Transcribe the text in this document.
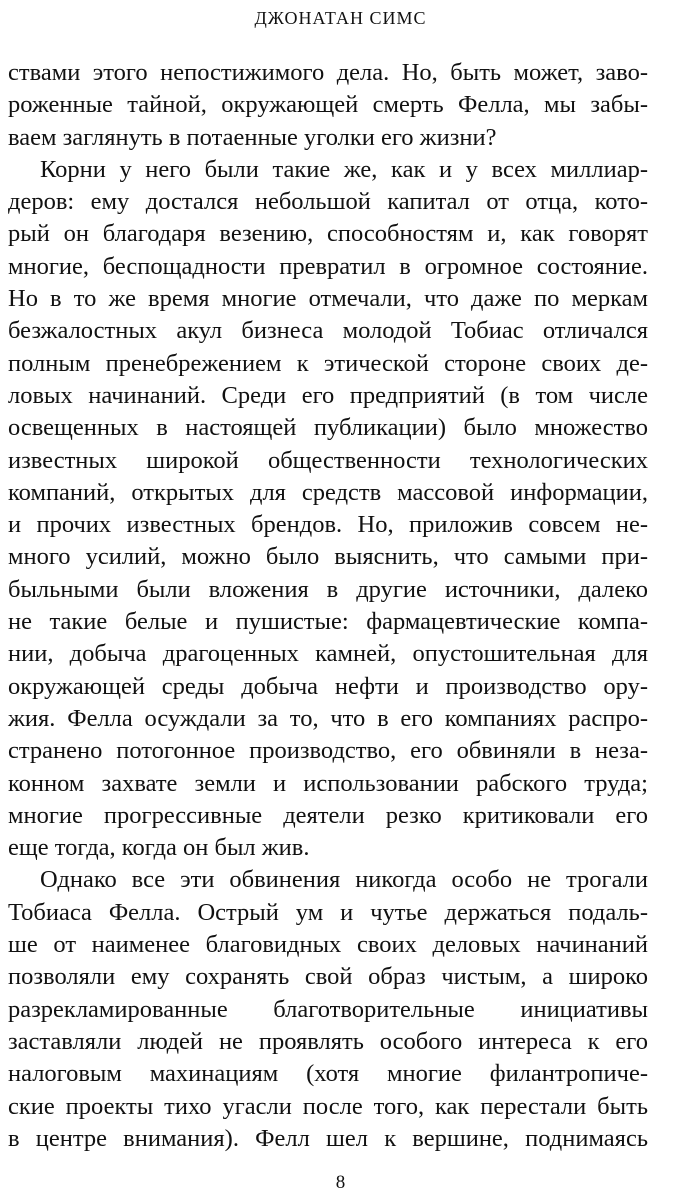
ДЖОНАТАН СИМС
ствами этого непостижимого дела. Но, быть может, заво-
роженные тайной, окружающей смерть Фелла, мы забы-
ваем заглянуть в потаенные уголки его жизни?
Корни у него были такие же, как и у всех миллиар-
деров: ему достался небольшой капитал от отца, кото-
рый он благодаря везению, способностям и, как говорят
многие, беспощадности превратил в огромное состояние.
Но в то же время многие отмечали, что даже по меркам
безжалостных акул бизнеса молодой Тобиас отличался
полным пренебрежением к этической стороне своих де-
ловых начинаний. Среди его предприятий (в том числе
освещенных в настоящей публикации) было множество
известных широкой общественности технологических
компаний, открытых для средств массовой информации,
и прочих известных брендов. Но, приложив совсем не-
много усилий, можно было выяснить, что самыми при-
быльными были вложения в другие источники, далеко
не такие белые и пушистые: фармацевтические компа-
нии, добыча драгоценных камней, опустошительная для
окружающей среды добыча нефти и производство ору-
жия. Фелла осуждали за то, что в его компаниях распро-
странено потогонное производство, его обвиняли в неза-
конном захвате земли и использовании рабского труда;
многие прогрессивные деятели резко критиковали его
еще тогда, когда он был жив.
Однако все эти обвинения никогда особо не трогали
Тобиаса Фелла. Острый ум и чутье держаться подаль-
ше от наименее благовидных своих деловых начинаний
позволяли ему сохранять свой образ чистым, а широко
разрекламированные благотворительные инициативы
заставляли людей не проявлять особого интереса к его
налоговым махинациям (хотя многие филантропиче-
ские проекты тихо угасли после того, как перестали быть
в центре внимания). Фелл шел к вершине, поднимаясь
8
